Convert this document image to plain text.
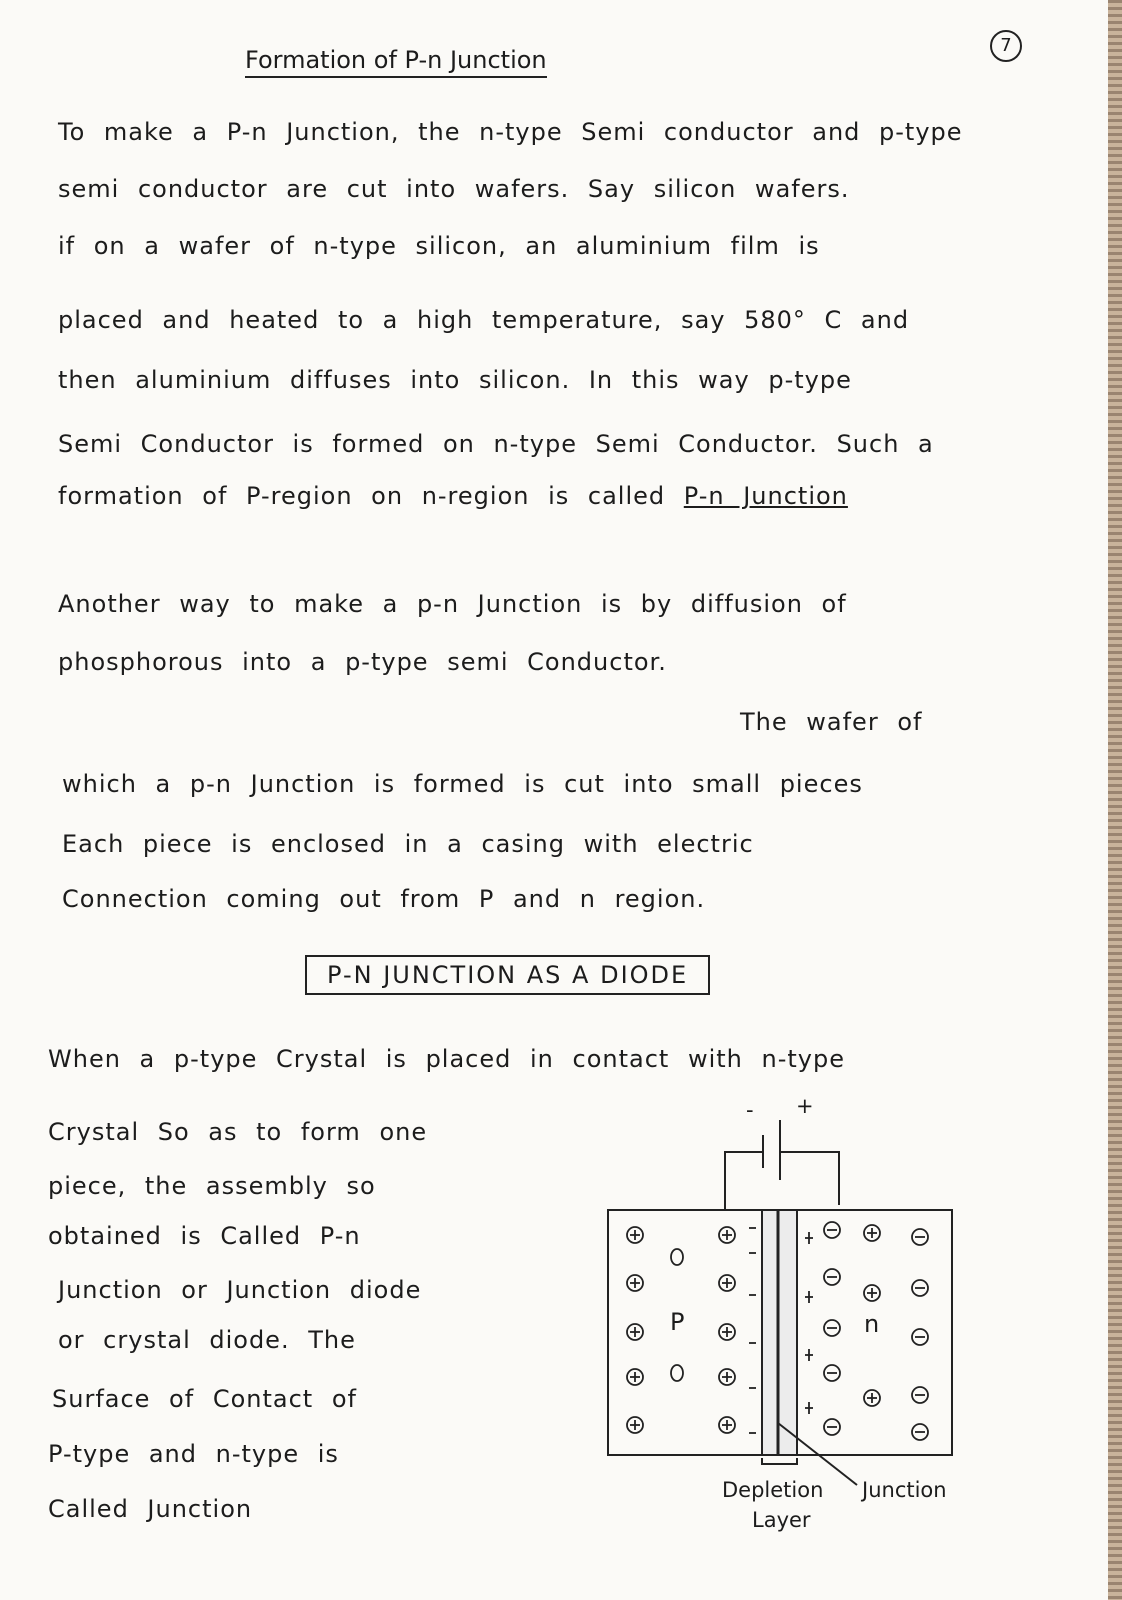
Formation of P-n Junction
7
To make a P-n Junction, the n-type Semi conductor and p-type
semi conductor are cut into wafers. Say silicon wafers.
if on a wafer of n-type silicon, an aluminium film is
placed and heated to a high temperature, say 580° C and
then aluminium diffuses into silicon. In this way p-type
Semi Conductor is formed on n-type Semi Conductor. Such a
formation of P-region on n-region is called P-n Junction
Another way to make a p-n Junction is by diffusion of
phosphorous into a p-type semi Conductor.
The wafer of
which a p-n Junction is formed is cut into small pieces
Each piece is enclosed in a casing with electric
Connection coming out from P and n region.
P-N JUNCTION AS A DIODE
When a p-type Crystal is placed in contact with n-type
Crystal So as to form one
piece, the assembly so
obtained is Called P-n
Junction or Junction diode
or crystal diode. The
Surface of Contact of
P-type and n-type is
Called Junction
- +
P	n
Depletion
Layer
Junction
